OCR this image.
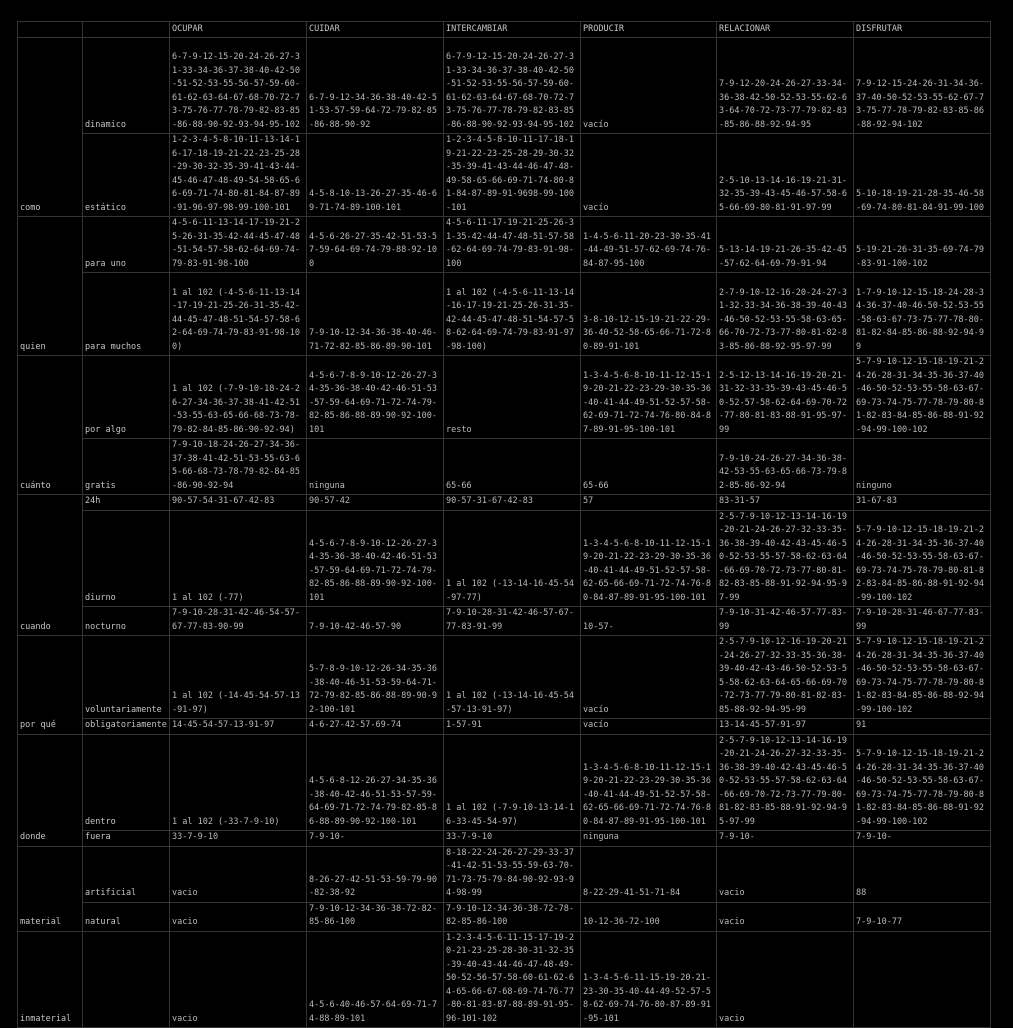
		OCUPAR	CUIDAR	INTERCAMBIAR	PRODUCIR	RELACIONAR	DISFRUTAR
como	dinamico	6-7-9-12-15-20-24-26-27-31-33-34-36-37-38-40-42-50-51-52-53-55-56-57-59-60-61-62-63-64-67-68-70-72-73-75-76-77-78-79-82-83-85-86-88-90-92-93-94-95-102	6-7-9-12-34-36-38-40-42-51-53-57-59-64-72-79-82-85-86-88-90-92	6-7-9-12-15-20-24-26-27-31-33-34-36-37-38-40-42-50-51-52-53-55-56-57-59-60-61-62-63-64-67-68-70-72-73-75-76-77-78-79-82-83-85-86-88-90-92-93-94-95-102	vacío	7-9-12-20-24-26-27-33-34-36-38-42-50-52-53-55-62-63-64-70-72-73-77-79-82-83-85-86-88-92-94-95	7-9-12-15-24-26-31-34-36-37-40-50-52-53-55-62-67-73-75-77-78-79-82-83-85-86-88-92-94-102
	estático	1-2-3-4-5-8-10-11-13-14-16-17-18-19-21-22-23-25-28-29-30-32-35-39-41-43-44-45-46-47-48-49-54-58-65-66-69-71-74-80-81-84-87-89-91-96-97-98-99-100-101	4-5-8-10-13-26-27-35-46-69-71-74-89-100-101	1-2-3-4-5-8-10-11-17-18-19-21-22-23-25-28-29-30-32-35-39-41-43-44-46-47-48-49-58-65-66-69-71-74-80-81-84-87-89-91-9698-99-100-101	vacío	2-5-10-13-14-16-19-21-31-32-35-39-43-45-46-57-58-65-66-69-80-81-91-97-99	5-10-18-19-21-28-35-46-58-69-74-80-81-84-91-99-100
quien	para uno	4-5-6-11-13-14-17-19-21-25-26-31-35-42-44-45-47-48-51-54-57-58-62-64-69-74-79-83-91-98-100	4-5-6-26-27-35-42-51-53-57-59-64-69-74-79-88-92-100	4-5-6-11-17-19-21-25-26-31-35-42-44-47-48-51-57-58-62-64-69-74-79-83-91-98-100	1-4-5-6-11-20-23-30-35-41-44-49-51-57-62-69-74-76-84-87-95-100	5-13-14-19-21-26-35-42-45-57-62-64-69-79-91-94	5-19-21-26-31-35-69-74-79-83-91-100-102
	para muchos	1 al 102 (-4-5-6-11-13-14-17-19-21-25-26-31-35-42-44-45-47-48-51-54-57-58-62-64-69-74-79-83-91-98-100)	7-9-10-12-34-36-38-40-46-71-72-82-85-86-89-90-101	1 al 102 (-4-5-6-11-13-14-16-17-19-21-25-26-31-35-42-44-45-47-48-51-54-57-58-62-64-69-74-79-83-91-97-98-100)	3-8-10-12-15-19-21-22-29-36-40-52-58-65-66-71-72-80-89-91-101	2-7-9-10-12-16-20-24-27-31-32-33-34-36-38-39-40-43-46-50-52-53-55-58-63-65-66-70-72-73-77-80-81-82-83-85-86-88-92-95-97-99	1-7-9-10-12-15-18-24-28-34-36-37-40-46-50-52-53-55-58-63-67-73-75-77-78-80-81-82-84-85-86-88-92-94-99
cuánto	por algo	1 al 102 (-7-9-10-18-24-26-27-34-36-37-38-41-42-51-53-55-63-65-66-68-73-78-79-82-84-85-86-90-92-94)	4-5-6-7-8-9-10-12-26-27-34-35-36-38-40-42-46-51-53-57-59-64-69-71-72-74-79-82-85-86-88-89-90-92-100-101	resto	1-3-4-5-6-8-10-11-12-15-19-20-21-22-23-29-30-35-36-40-41-44-49-51-52-57-58-62-69-71-72-74-76-80-84-87-89-91-95-100-101	2-5-12-13-14-16-19-20-21-31-32-33-35-39-43-45-46-50-52-57-58-62-64-69-70-72-77-80-81-83-88-91-95-97-99	5-7-9-10-12-15-18-19-21-24-26-28-31-34-35-36-37-40-46-50-52-53-55-58-63-67-69-73-74-75-77-78-79-80-81-82-83-84-85-86-88-91-92-94-99-100-102
	gratis	7-9-10-18-24-26-27-34-36-37-38-41-42-51-53-55-63-65-66-68-73-78-79-82-84-85-86-90-92-94	ninguna	65-66	65-66	7-9-10-24-26-27-34-36-38-42-53-55-63-65-66-73-79-82-85-86-92-94	ninguno
cuando	24h	90-57-54-31-67-42-83	90-57-42	90-57-31-67-42-83	57	83-31-57	31-67-83
	diurno	1 al 102 (-77)	4-5-6-7-8-9-10-12-26-27-34-35-36-38-40-42-46-51-53-57-59-64-69-71-72-74-79-82-85-86-88-89-90-92-100-101	1 al 102 (-13-14-16-45-54-97-77)	1-3-4-5-6-8-10-11-12-15-19-20-21-22-23-29-30-35-36-40-41-44-49-51-52-57-58-62-65-66-69-71-72-74-76-80-84-87-89-91-95-100-101	2-5-7-9-10-12-13-14-16-19-20-21-24-26-27-32-33-35-36-38-39-40-42-43-45-46-50-52-53-55-57-58-62-63-64-66-69-70-72-73-77-80-81-82-83-85-88-91-92-94-95-97-99	5-7-9-10-12-15-18-19-21-24-26-28-31-34-35-36-37-40-46-50-52-53-55-58-63-67-69-73-74-75-78-79-80-81-82-83-84-85-86-88-91-92-94-99-100-102
	nocturno	7-9-10-28-31-42-46-54-57-67-77-83-90-99	7-9-10-42-46-57-90	7-9-10-28-31-42-46-57-67-77-83-91-99	10-57-	7-9-10-31-42-46-57-77-83-99	7-9-10-28-31-46-67-77-83-99
por qué	voluntariamente	1 al 102 (-14-45-54-57-13-91-97)	5-7-8-9-10-12-26-34-35-36-38-40-46-51-53-59-64-71-72-79-82-85-86-88-89-90-92-100-101	1 al 102 (-13-14-16-45-54-57-13-91-97)	vacío	2-5-7-9-10-12-16-19-20-21-24-26-27-32-33-35-36-38-39-40-42-43-46-50-52-53-55-58-62-63-64-65-66-69-70-72-73-77-79-80-81-82-83-85-88-92-94-95-99	5-7-9-10-12-15-18-19-21-24-26-28-31-34-35-36-37-40-46-50-52-53-55-58-63-67-69-73-74-75-77-78-79-80-81-82-83-84-85-86-88-92-94-99-100-102
	obligatoriamente	14-45-54-57-13-91-97	4-6-27-42-57-69-74	1-57-91	vacío	13-14-45-57-91-97	91
donde	dentro	1 al 102 (-33-7-9-10)	4-5-6-8-12-26-27-34-35-36-38-40-42-46-51-53-57-59-64-69-71-72-74-79-82-85-86-88-89-90-92-100-101	1 al 102 (-7-9-10-13-14-16-33-45-54-97)	1-3-4-5-6-8-10-11-12-15-19-20-21-22-23-29-30-35-36-40-41-44-49-51-52-57-58-62-65-66-69-71-72-74-76-80-84-87-89-91-95-100-101	2-5-7-9-10-12-13-14-16-19-20-21-24-26-27-32-33-35-36-38-39-40-42-43-45-46-50-52-53-55-57-58-62-63-64-66-69-70-72-73-77-79-80-81-82-83-85-88-91-92-94-95-97-99	5-7-9-10-12-15-18-19-21-24-26-28-31-34-35-36-37-40-46-50-52-53-55-58-63-67-69-73-74-75-77-78-79-80-81-82-83-84-85-86-88-91-92-94-99-100-102
	fuera	33-7-9-10	7-9-10-	33-7-9-10	ninguna	7-9-10-	7-9-10-
material	artificial	vacio	8-26-27-42-51-53-59-79-90-82-38-92	8-18-22-24-26-27-29-33-37-41-42-51-53-55-59-63-70-71-73-75-79-84-90-92-93-94-98-99	8-22-29-41-51-71-84	vacio	88
	natural	vacio	7-9-10-12-34-36-38-72-82-85-86-100	7-9-10-12-34-36-38-72-78-82-85-86-100	10-12-36-72-100	vacio	7-9-10-77
inmaterial		vacio	4-5-6-40-46-57-64-69-71-74-88-89-101	1-2-3-4-5-6-11-15-17-19-20-21-23-25-28-30-31-32-35-39-40-43-44-46-47-48-49-50-52-56-57-58-60-61-62-64-65-66-67-68-69-74-76-77-80-81-83-87-88-89-91-95-96-101-102	1-3-4-5-6-11-15-19-20-21-23-30-35-40-44-49-52-57-58-62-69-74-76-80-87-89-91-95-101	vacio	
